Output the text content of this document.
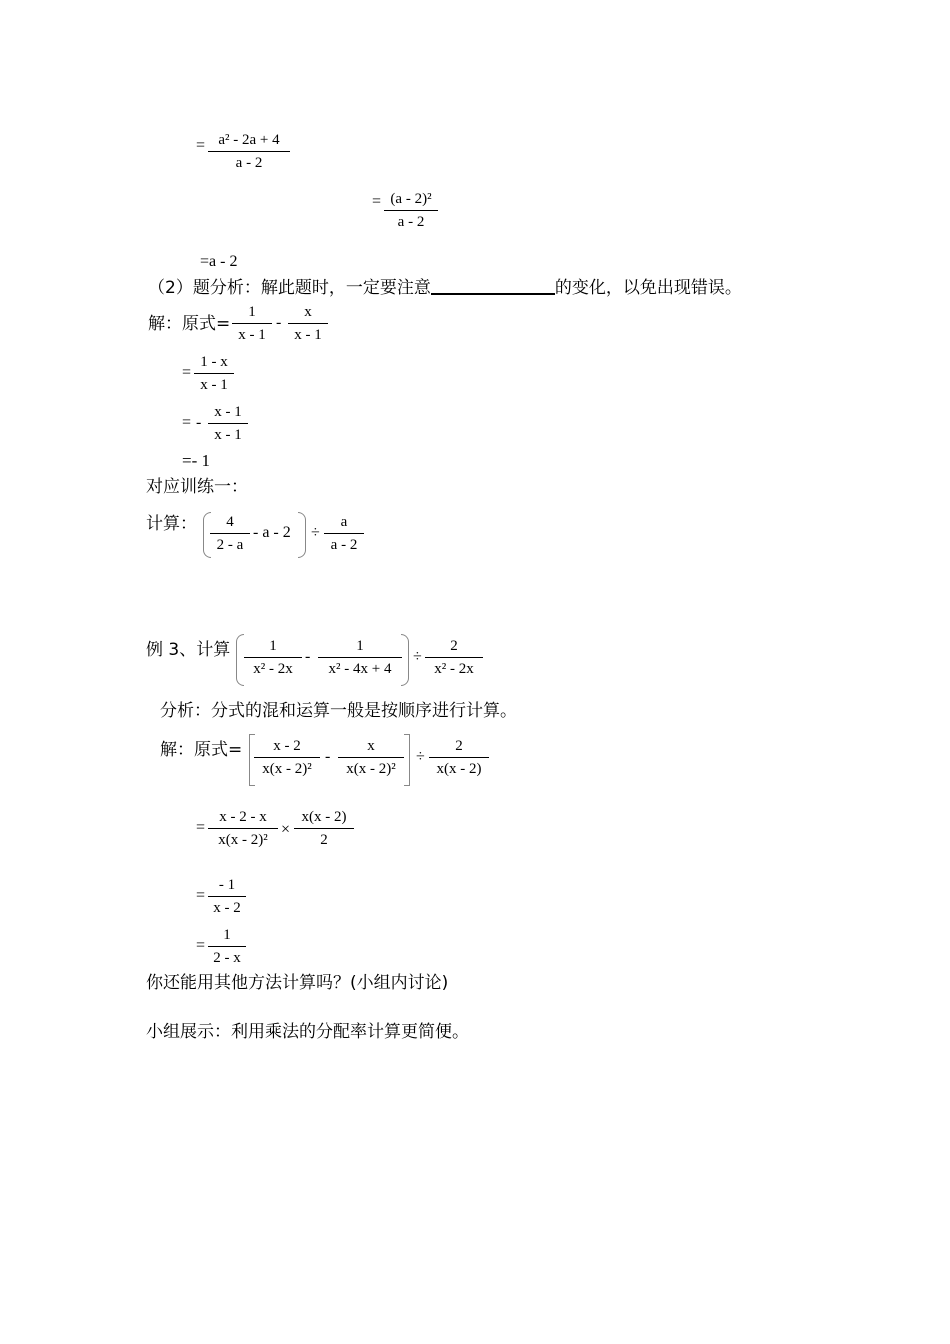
= a² - 2a + 4
a - 2
= (a - 2)²
a - 2
=a - 2
（2）题分析：解此题时，一定要注意	的变化，以免出现错误。
解：原式=
1
x - 1
-
x
x - 1
=
1 - x
x - 1
= -
x - 1
x - 1
=- 1
对应训练一：
计算：	4
2 - a
- a - 2 ÷
a
a - 2
例 3、计算	1
x² - 2x
-
1
x² - 4x + 4
÷
2
x² - 2x
分析：分式的混和运算一般是按顺序进行计算。
解：原式=	x - 2
x(x - 2)²
-
x
x(x - 2)²
÷
2
x(x - 2)
=
x - 2 - x
x(x - 2)²
×
x(x - 2)
2
=
- 1
x - 2
=
1
2 - x
你还能用其他方法计算吗？(小组内讨论)
小组展示：利用乘法的分配率计算更简便。
